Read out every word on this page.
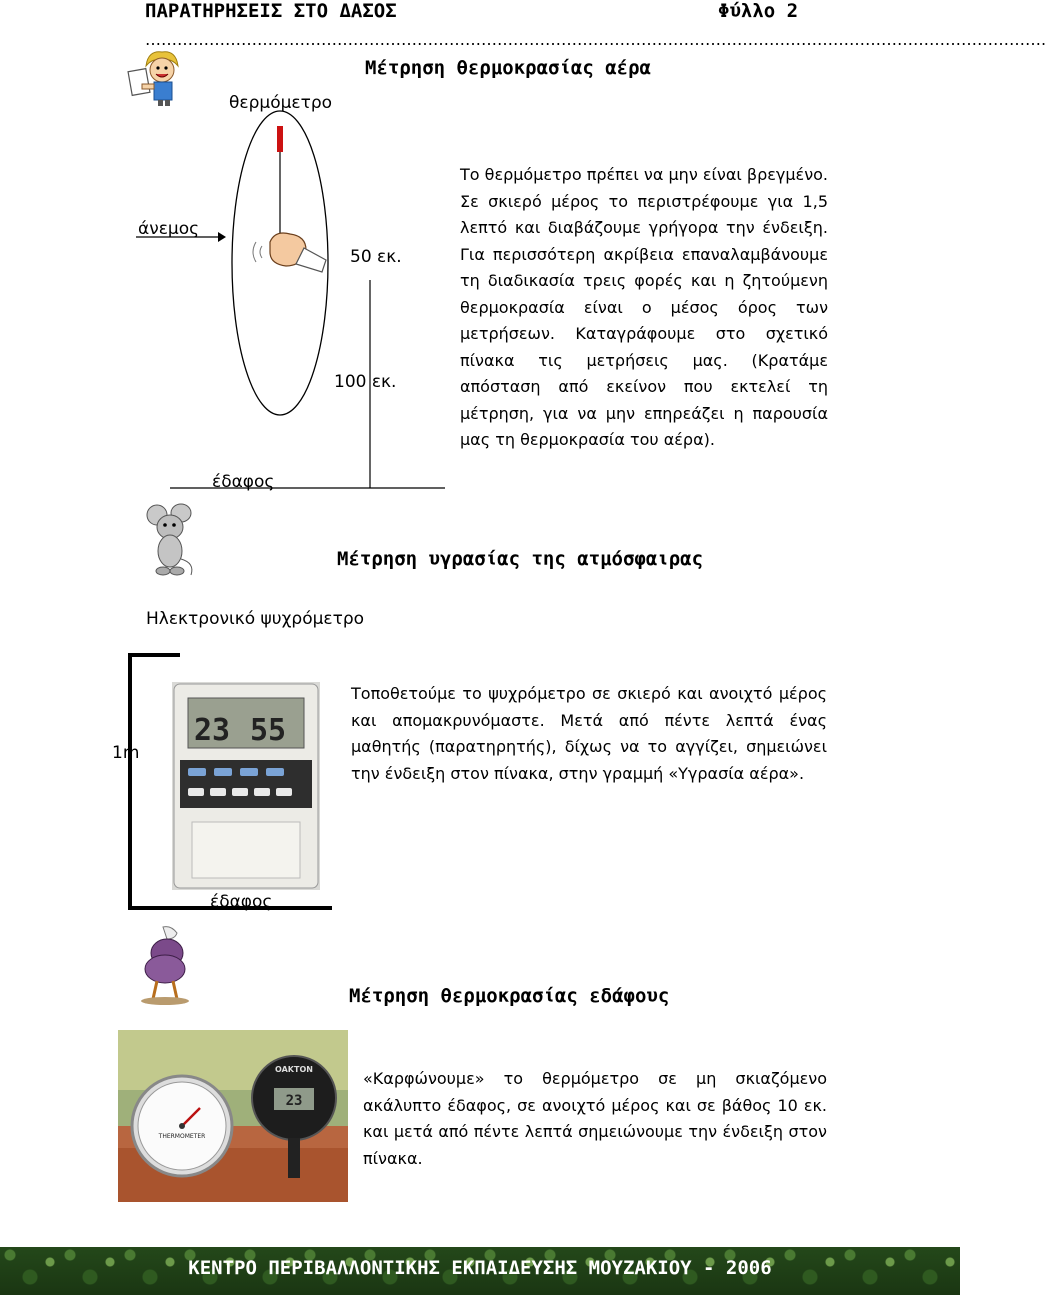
ΠΑΡΑΤΗΡΗΣΕΙΣ ΣΤΟ ΔΑΣΟΣ	Φύλλο 2
…………………………………………………………………………………………………………………………………………………….
Μέτρηση θερμοκρασίας αέρα
θερμόμετρο
άνεμος
50 εκ.
100 εκ.
έδαφος
Το θερμόμετρο πρέπει να μην είναι βρεγμένο. Σε σκιερό μέρος το περιστρέφουμε για 1,5 λεπτό και διαβάζουμε γρήγορα την ένδειξη. Για περισσότερη ακρίβεια επαναλαμβάνουμε τη διαδικασία τρεις φορές και η ζητούμενη θερμοκρασία είναι ο μέσος όρος των μετρήσεων. Καταγράφουμε στο σχετικό πίνακα τις μετρήσεις μας. (Κρατάμε απόσταση από εκείνον που εκτελεί τη μέτρηση, για να μην επηρεάζει η παρουσία μας τη θερμοκρασία του αέρα).
Μέτρηση υγρασίας της ατμόσφαιρας
Ηλεκτρονικό ψυχρόμετρο
1m
έδαφος
23 55
Τοποθετούμε το ψυχρόμετρο σε σκιερό και ανοιχτό μέρος και απομακρυνόμαστε. Μετά από πέντε λεπτά ένας μαθητής (παρατηρητής), δίχως να το αγγίζει, σημειώνει την ένδειξη στον πίνακα, στην γραμμή «Υγρασία αέρα».
Μέτρηση θερμοκρασίας εδάφους
THERMOMETER
23
OAKTON	«Καρφώνουμε» το θερμόμετρο σε μη σκιαζόμενο ακάλυπτο έδαφος, σε ανοιχτό μέρος και σε βάθος 10 εκ. και μετά από πέντε λεπτά σημειώνουμε την ένδειξη στον πίνακα.
ΚΕΝΤΡΟ ΠΕΡΙΒΑΛΛΟΝΤΙΚΗΣ ΕΚΠΑΙΔΕΥΣΗΣ ΜΟΥΖΑΚΙΟΥ - 2006
